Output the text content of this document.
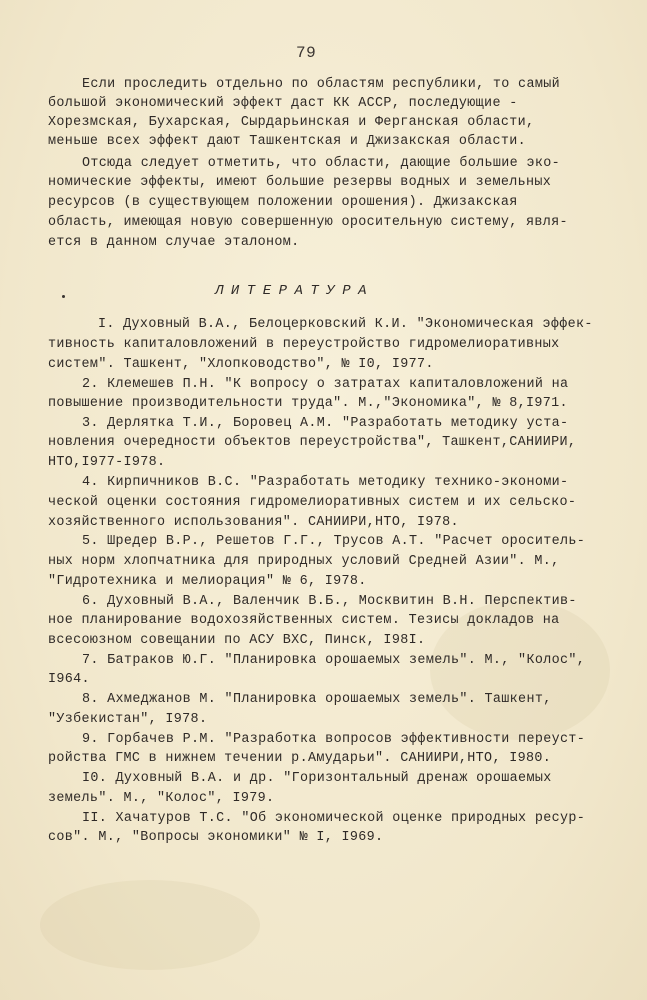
79
Если проследить отдельно по областям республики, то самый
большой экономический эффект даст КК АССР, последующие -
Хорезмская, Бухарская, Сырдарьинская и Ферганская области,
меньше всех эффект дают Ташкентская и Джизакская области.
Отсюда следует отметить, что области, дающие большие эко-
номические эффекты, имеют большие резервы водных и земельных
ресурсов (в существующем положении орошения). Джизакская
область, имеющая новую совершенную оросительную систему, явля-
ется в данном случае эталоном.
ЛИТЕРАТУРА
I. Духовный В.А., Белоцерковский К.И. "Экономическая эффек-
тивность капиталовложений в переустройство гидромелиоративных
систем". Ташкент, "Хлопководство", № I0, I977.
2. Клемешев П.Н. "К вопросу о затратах капиталовложений на
повышение производительности труда". М.,"Экономика", № 8,I971.
3. Дерлятка Т.И., Боровец А.М. "Разработать методику уста-
новления очередности объектов переустройства", Ташкент,САНИИРИ,
НТО,I977-I978.
4. Кирпичников В.С. "Разработать методику технико-экономи-
ческой оценки состояния гидромелиоративных систем и их сельско-
хозяйственного использования". САНИИРИ,НТО, I978.
5. Шредер В.Р., Решетов Г.Г., Трусов А.Т. "Расчет ороситель-
ных норм хлопчатника для природных условий Средней Азии". М.,
"Гидротехника и мелиорация" № 6, I978.
6. Духовный В.А., Валенчик В.Б., Москвитин В.Н. Перспектив-
ное планирование водохозяйственных систем. Тезисы докладов на
всесоюзном совещании по АСУ ВХС, Пинск, I98I.
7. Батраков Ю.Г. "Планировка орошаемых земель". М., "Колос",
I964.
8. Ахмеджанов М. "Планировка орошаемых земель". Ташкент,
"Узбекистан", I978.
9. Горбачев Р.М. "Разработка вопросов эффективности переуст-
ройства ГМС в нижнем течении р.Амударьи". САНИИРИ,НТО, I980.
I0. Духовный В.А. и др. "Горизонтальный дренаж орошаемых
земель". М., "Колос", I979.
II. Хачатуров Т.С. "Об экономической оценке природных ресур-
сов". М., "Вопросы экономики" № I, I969.
